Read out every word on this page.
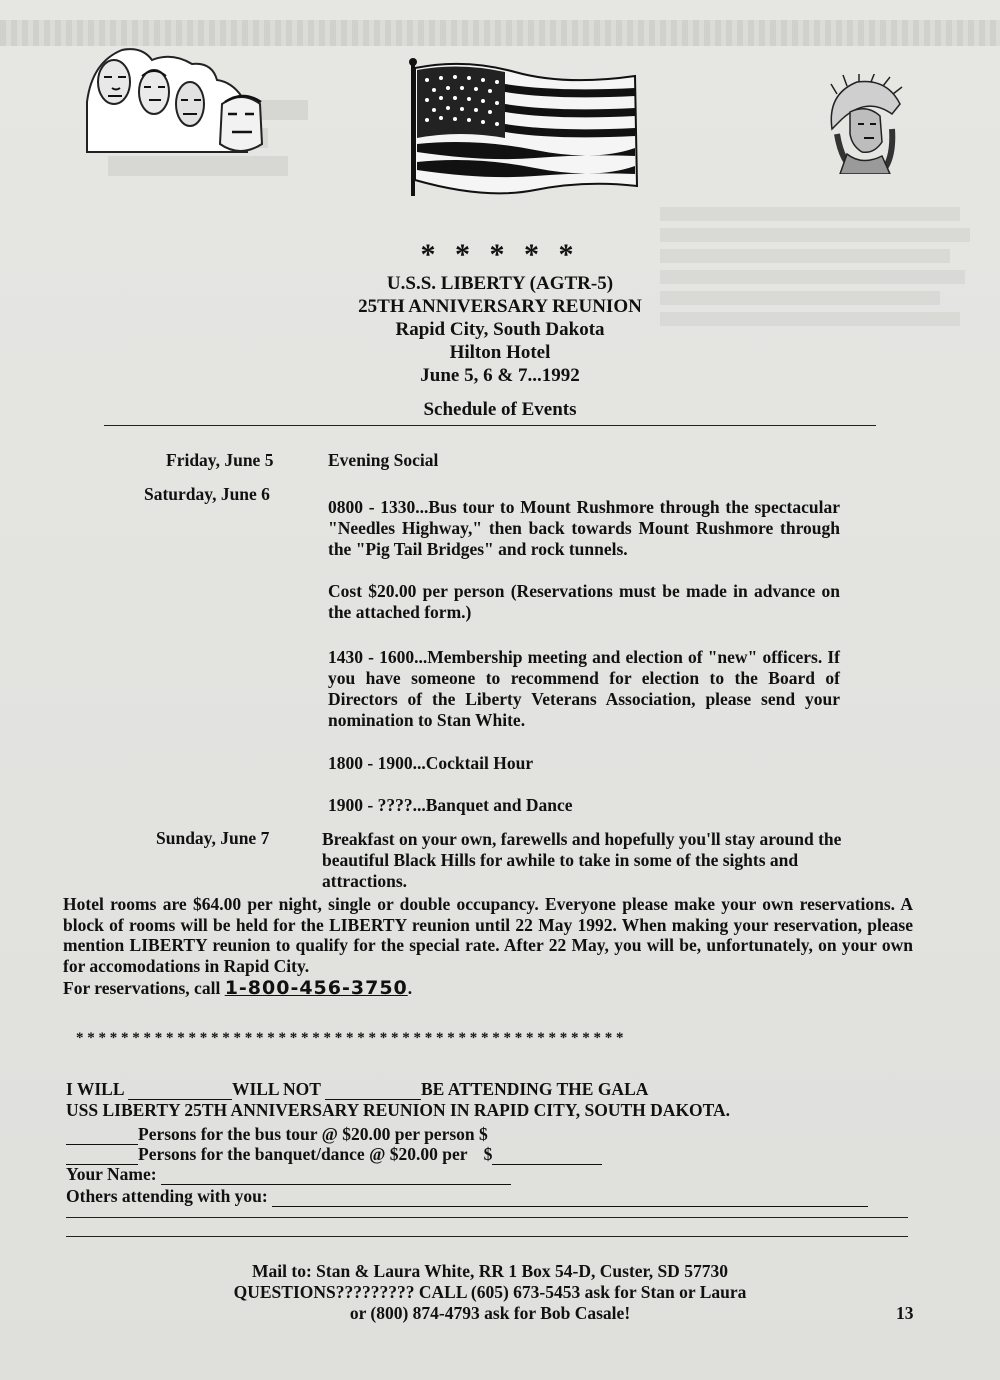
* * * * *
U.S.S. LIBERTY (AGTR-5)
25TH ANNIVERSARY REUNION
Rapid City, South Dakota
Hilton Hotel
June 5, 6 & 7...1992
Schedule of Events
Friday, June 5	Evening Social
Saturday, June 6
0800 - 1330...Bus tour to Mount Rushmore through the spectacular "Needles Highway," then back towards Mount Rushmore through the "Pig Tail Bridges" and rock tunnels.
Cost $20.00 per person (Reservations must be made in advance on the attached form.)
1430 - 1600...Membership meeting and election of "new" officers. If you have someone to recommend for election to the Board of Directors of the Liberty Veterans Association, please send your nomination to Stan White.
1800 - 1900...Cocktail Hour
1900 - ????...Banquet and Dance
Sunday, June 7	Breakfast on your own, farewells and hopefully you'll stay around the beautiful Black Hills for awhile to take in some of the sights and attractions.
Hotel rooms are $64.00 per night, single or double occupancy. Everyone please make your own reservations. A block of rooms will be held for the LIBERTY reunion until 22 May 1992. When making your reservation, please mention LIBERTY reunion to qualify for the special rate. After 22 May, you will be, unfortunately, on your own for accomodations in Rapid City.
For reservations, call 1-800-456-3750.
* * * * * * * * * * * * * * * * * * * * * * * * * * * * * * * * * * * * * * * * * * * * * * * * *
I WILL	WILL NOT	BE ATTENDING THE GALA
USS LIBERTY 25TH ANNIVERSARY REUNION IN RAPID CITY, SOUTH DAKOTA.
Persons for the bus tour @ $20.00 per person $
Persons for the banquet/dance @ $20.00 per $
Your Name:
Others attending with you:
Mail to: Stan & Laura White, RR 1 Box 54-D, Custer, SD 57730
QUESTIONS????????? CALL (605) 673-5453 ask for Stan or Laura
or (800) 874-4793 ask for Bob Casale!	13
